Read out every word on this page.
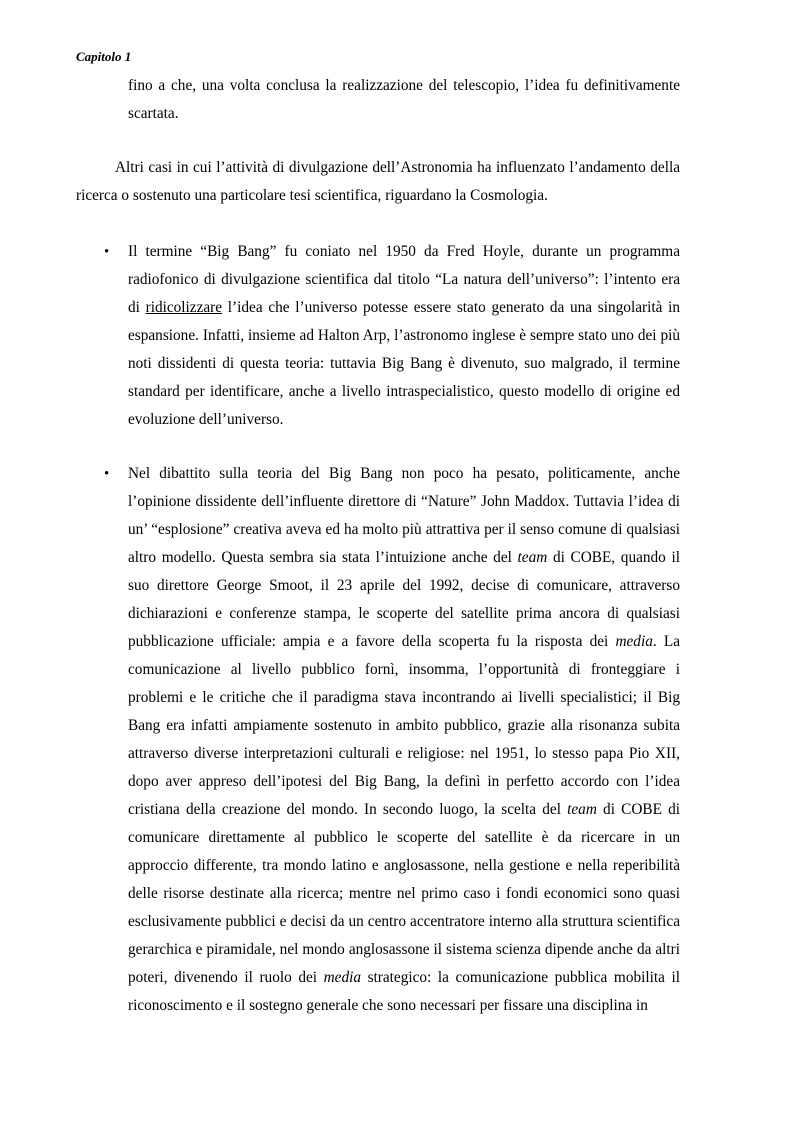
Capitolo 1

fino a che, una volta conclusa la realizzazione del telescopio, l’idea fu definitivamente scartata.

Altri casi in cui l’attività di divulgazione dell’Astronomia ha influenzato l’andamento della ricerca o sostenuto una particolare tesi scientifica, riguardano la Cosmologia.

• Il termine “Big Bang” fu coniato nel 1950 da Fred Hoyle, durante un programma radiofonico di divulgazione scientifica dal titolo “La natura dell’universo”: l’intento era di ridicolizzare l’idea che l’universo potesse essere stato generato da una singolarità in espansione. Infatti, insieme ad Halton Arp, l’astronomo inglese è sempre stato uno dei più noti dissidenti di questa teoria: tuttavia Big Bang è divenuto, suo malgrado, il termine standard per identificare, anche a livello intraspecialistico, questo modello di origine ed evoluzione dell’universo.

• Nel dibattito sulla teoria del Big Bang non poco ha pesato, politicamente, anche l’opinione dissidente dell’influente direttore di “Nature” John Maddox. Tuttavia l’idea di un’ “esplosione” creativa aveva ed ha molto più attrattiva per il senso comune di qualsiasi altro modello. Questa sembra sia stata l’intuizione anche del team di COBE, quando il suo direttore George Smoot, il 23 aprile del 1992, decise di comunicare, attraverso dichiarazioni e conferenze stampa, le scoperte del satellite prima ancora di qualsiasi pubblicazione ufficiale: ampia e a favore della scoperta fu la risposta dei media. La comunicazione al livello pubblico fornì, insomma, l’opportunità di fronteggiare i problemi e le critiche che il paradigma stava incontrando ai livelli specialistici; il Big Bang era infatti ampiamente sostenuto in ambito pubblico, grazie alla risonanza subita attraverso diverse interpretazioni culturali e religiose: nel 1951, lo stesso papa Pio XII, dopo aver appreso dell’ipotesi del Big Bang, la definì in perfetto accordo con l’idea cristiana della creazione del mondo. In secondo luogo, la scelta del team di COBE di comunicare direttamente al pubblico le scoperte del satellite è da ricercare in un approccio differente, tra mondo latino e anglosassone, nella gestione e nella reperibilità delle risorse destinate alla ricerca; mentre nel primo caso i fondi economici sono quasi esclusivamente pubblici e decisi da un centro accentratore interno alla struttura scientifica gerarchica e piramidale, nel mondo anglosassone il sistema scienza dipende anche da altri poteri, divenendo il ruolo dei media strategico: la comunicazione pubblica mobilita il riconoscimento e il sostegno generale che sono necessari per fissare una disciplina in
